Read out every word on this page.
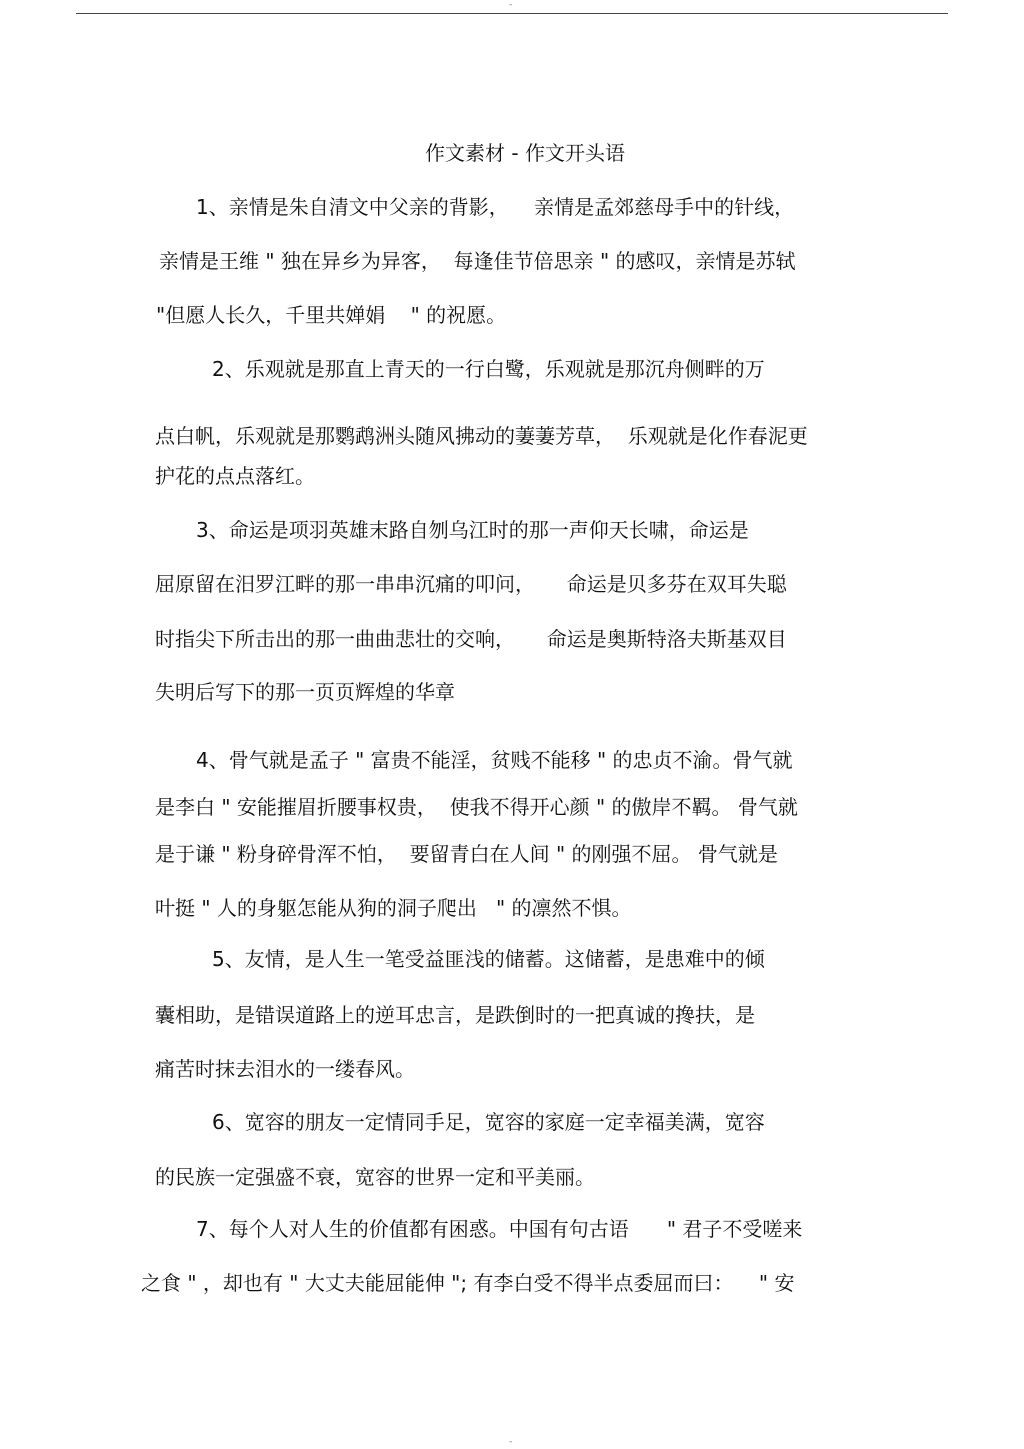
-
作文素材 - 作文开头语
1、亲情是朱自清文中父亲的背影，    亲情是孟郊慈母手中的针线，
亲情是王维 " 独在异乡为异客，  每逢佳节倍思亲 " 的感叹，亲情是苏轼
"但愿人长久，千里共婵娟    " 的祝愿。
2、乐观就是那直上青天的一行白鹭，乐观就是那沉舟侧畔的万
点白帆，乐观就是那鹦鹉洲头随风拂动的萋萋芳草，  乐观就是化作春泥更
护花的点点落红。
3、命运是项羽英雄末路自刎乌江时的那一声仰天长啸，命运是
屈原留在汨罗江畔的那一串串沉痛的叩问，     命运是贝多芬在双耳失聪
时指尖下所击出的那一曲曲悲壮的交响，     命运是奥斯特洛夫斯基双目
失明后写下的那一页页辉煌的华章
4、骨气就是孟子 " 富贵不能淫，贫贱不能移 " 的忠贞不渝。骨气就
是李白 " 安能摧眉折腰事权贵，  使我不得开心颜 " 的傲岸不羁。 骨气就
是于谦 " 粉身碎骨浑不怕，  要留青白在人间 " 的刚强不屈。 骨气就是
叶挺 " 人的身躯怎能从狗的洞子爬出   " 的凛然不惧。
5、友情，是人生一笔受益匪浅的储蓄。这储蓄，是患难中的倾
囊相助，是错误道路上的逆耳忠言，是跌倒时的一把真诚的搀扶，是
痛苦时抹去泪水的一缕春风。
6、宽容的朋友一定情同手足，宽容的家庭一定幸福美满，宽容
的民族一定强盛不衰，宽容的世界一定和平美丽。
7、每个人对人生的价值都有困惑。中国有句古语      " 君子不受嗟来
之食 " ，却也有 " 大丈夫能屈能伸 "; 有李白受不得半点委屈而曰：    " 安
-
